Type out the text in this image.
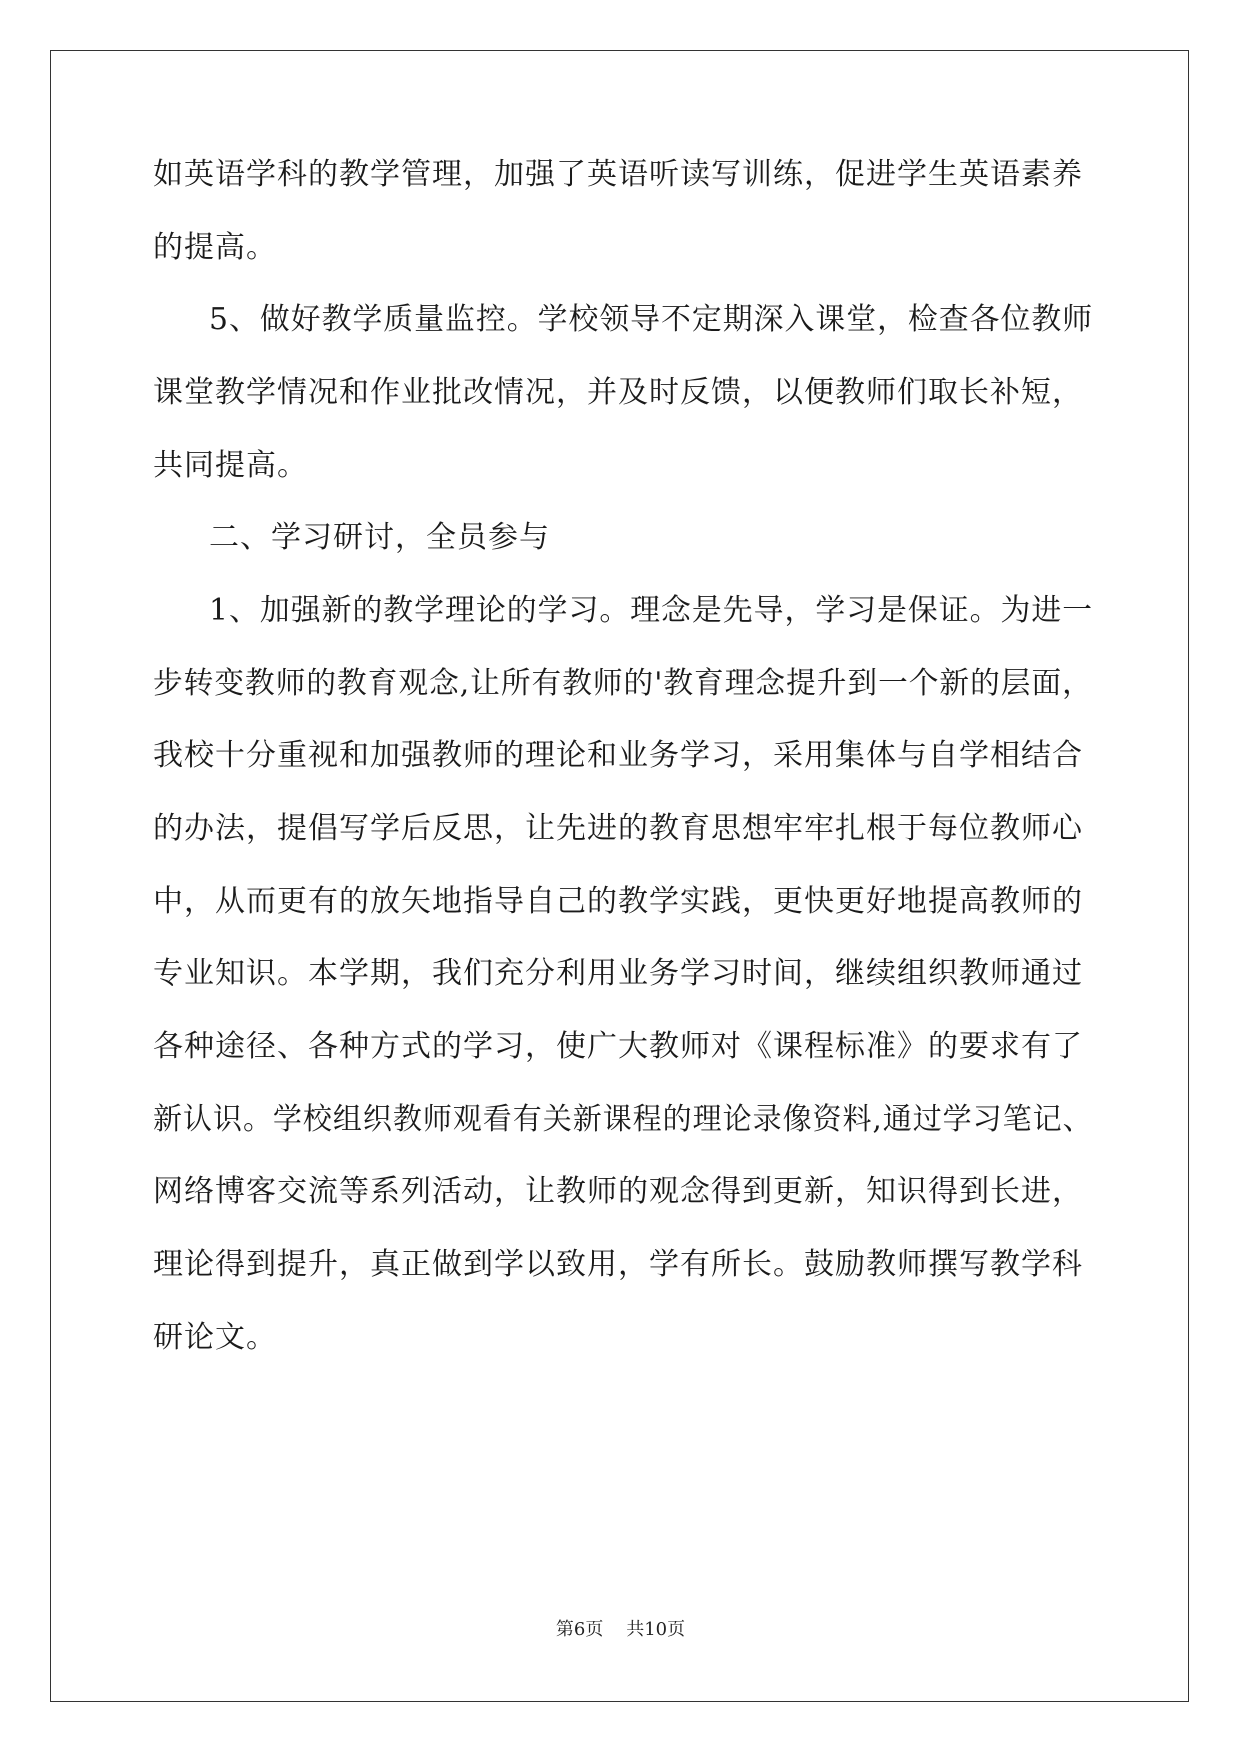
如英语学科的教学管理，加强了英语听读写训练，促进学生英语素养
的提高。
5、做好教学质量监控。学校领导不定期深入课堂，检查各位教师
课堂教学情况和作业批改情况，并及时反馈，以便教师们取长补短，
共同提高。
二、学习研讨，全员参与
1、加强新的教学理论的学习。理念是先导，学习是保证。为进一
步转变教师的教育观念,让所有教师的'教育理念提升到一个新的层面，
我校十分重视和加强教师的理论和业务学习，采用集体与自学相结合
的办法，提倡写学后反思，让先进的教育思想牢牢扎根于每位教师心
中，从而更有的放矢地指导自己的教学实践，更快更好地提高教师的
专业知识。本学期，我们充分利用业务学习时间，继续组织教师通过
各种途径、各种方式的学习，使广大教师对《课程标准》的要求有了
新认识。学校组织教师观看有关新课程的理论录像资料,通过学习笔记、
网络博客交流等系列活动，让教师的观念得到更新，知识得到长进，
理论得到提升，真正做到学以致用，学有所长。鼓励教师撰写教学科
研论文。
第6页 共10页
